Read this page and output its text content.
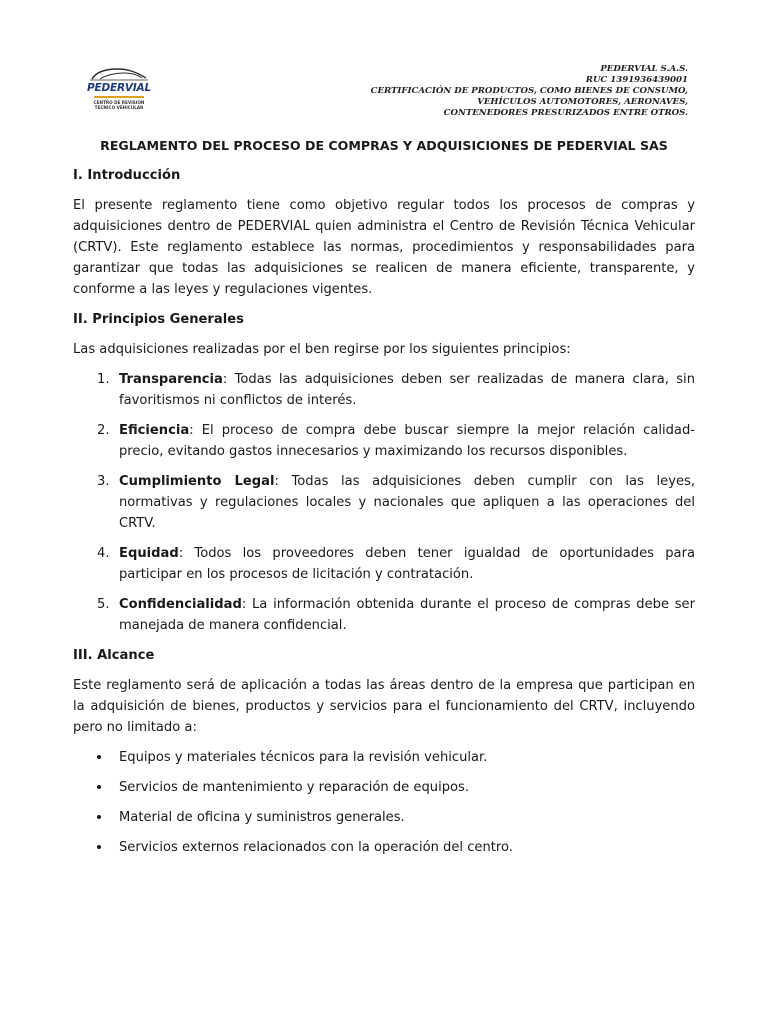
PEDERVIAL
CENTRO DE REVISION
TECNICO VEHICULAR
PEDERVIAL S.A.S.
RUC 1391936439001
CERTIFICACIÓN DE PRODUCTOS, COMO BIENES DE CONSUMO,
VEHÍCULOS AUTOMOTORES, AERONAVES,
CONTENEDORES PRESURIZADOS ENTRE OTROS.
REGLAMENTO DEL PROCESO DE COMPRAS Y ADQUISICIONES DE PEDERVIAL SAS
I. Introducción
El presente reglamento tiene como objetivo regular todos los procesos de compras y adquisiciones dentro de PEDERVIAL quien administra el Centro de Revisión Técnica Vehicular (CRTV). Este reglamento establece las normas, procedimientos y responsabilidades para garantizar que todas las adquisiciones se realicen de manera eficiente, transparente, y conforme a las leyes y regulaciones vigentes.
II. Principios Generales
Las adquisiciones realizadas por el ben regirse por los siguientes principios:
1. Transparencia: Todas las adquisiciones deben ser realizadas de manera clara, sin favoritismos ni conflictos de interés.
2. Eficiencia: El proceso de compra debe buscar siempre la mejor relación calidad-precio, evitando gastos innecesarios y maximizando los recursos disponibles.
3. Cumplimiento Legal: Todas las adquisiciones deben cumplir con las leyes, normativas y regulaciones locales y nacionales que apliquen a las operaciones del CRTV.
4. Equidad: Todos los proveedores deben tener igualdad de oportunidades para participar en los procesos de licitación y contratación.
5. Confidencialidad: La información obtenida durante el proceso de compras debe ser manejada de manera confidencial.
III. Alcance
Este reglamento será de aplicación a todas las áreas dentro de la empresa que participan en la adquisición de bienes, productos y servicios para el funcionamiento del CRTV, incluyendo pero no limitado a:
Equipos y materiales técnicos para la revisión vehicular.
Servicios de mantenimiento y reparación de equipos.
Material de oficina y suministros generales.
Servicios externos relacionados con la operación del centro.
